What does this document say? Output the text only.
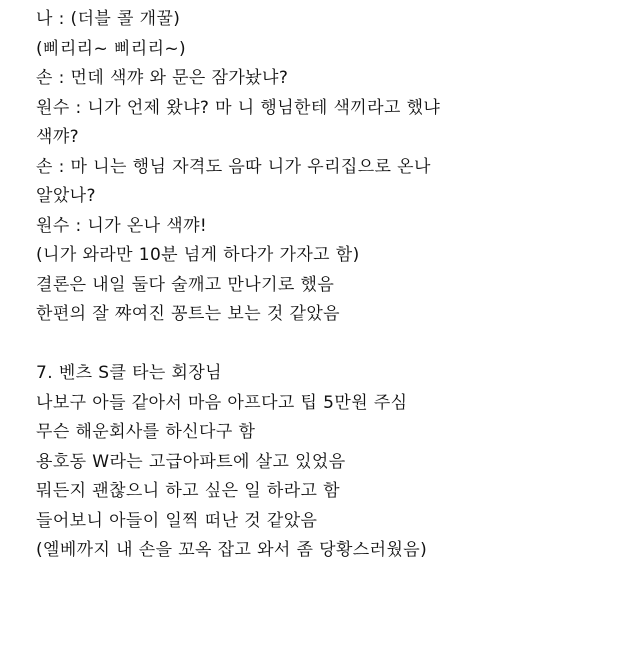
나 : (더블 콜 개꿀)
(삐리리~ 삐리리~)
손 : 먼데 색꺄 와 문은 잠가놨냐?
원수 : 니가 언제 왔냐? 마 니 행님한테 색끼라고 했냐
색꺄?
손 : 마 니는 행님 자격도 음따 니가 우리집으로 온나
알았나?
원수 : 니가 온나 색꺄!
(니가 와라만 10분 넘게 하다가 가자고 함)
결론은 내일 둘다 술깨고 만나기로 했음
한편의 잘 쨔여진 꽁트는 보는 것 같았음
7. 벤츠 S클 타는 회장님
나보구 아들 같아서 마음 아프다고 팁 5만원 주심
무슨 해운회사를 하신다구 함
용호동 W라는 고급아파트에 살고 있었음
뭐든지 괜찮으니 하고 싶은 일 하라고 함
들어보니 아들이 일찍 떠난 것 같았음
(엘베까지 내 손을 꼬옥 잡고 와서 좀 당황스러웠음)
